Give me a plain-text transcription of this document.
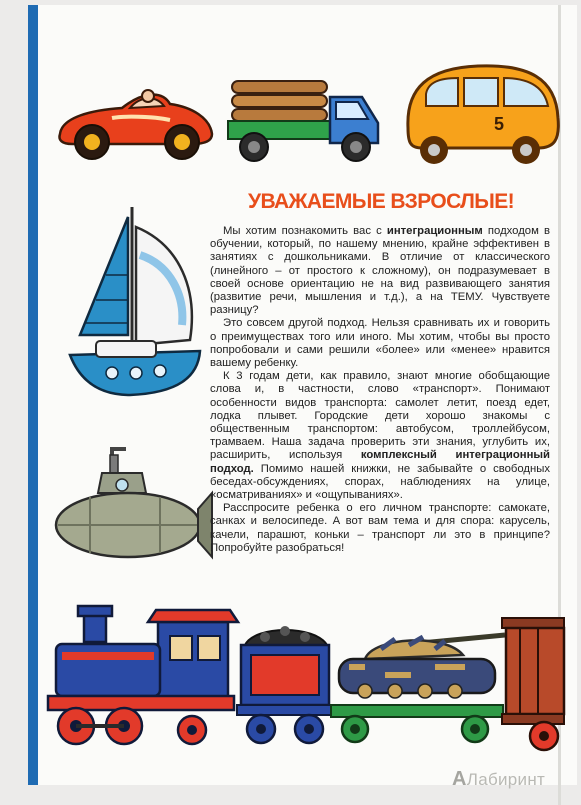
5
УВАЖАЕМЫЕ ВЗРОСЛЫЕ!

Мы хотим познакомить вас с интеграционным подходом в обучении, который, по нашему мнению, крайне эффективен в занятиях с дошкольниками. В отличие от классического (линейного – от простого к сложному), он подразумевает в своей основе ориентацию не на вид развивающего занятия (развитие речи, мышления и т.д.), а на ТЕМУ. Чувствуете разницу?

Это совсем другой подход. Нельзя сравнивать их и говорить о преимуществах того или иного. Мы хотим, чтобы вы просто попробовали и сами решили «более» или «менее» нравится вашему ребенку.

К 3 годам дети, как правило, знают многие обобщающие слова и, в частности, слово «транспорт». Понимают особенности видов транспорта: самолет летит, поезд едет, лодка плывет. Городские дети хорошо знакомы с общественным транспортом: автобусом, троллейбусом, трамваем. Наша задача проверить эти знания, углубить их, расширить, используя комплексный интеграционный подход. Помимо нашей книжки, не забывайте о свободных беседах-обсуждениях, спорах, наблюдениях на улице, «осматриваниях» и «ощупываниях».

Расспросите ребенка о его личном транспорте: самокате, санках и велосипеде. А вот вам тема и для спора: карусель, качели, парашют, коньки – транспорт ли это в принципе? Попробуйте разобраться!

АЛабиринт
